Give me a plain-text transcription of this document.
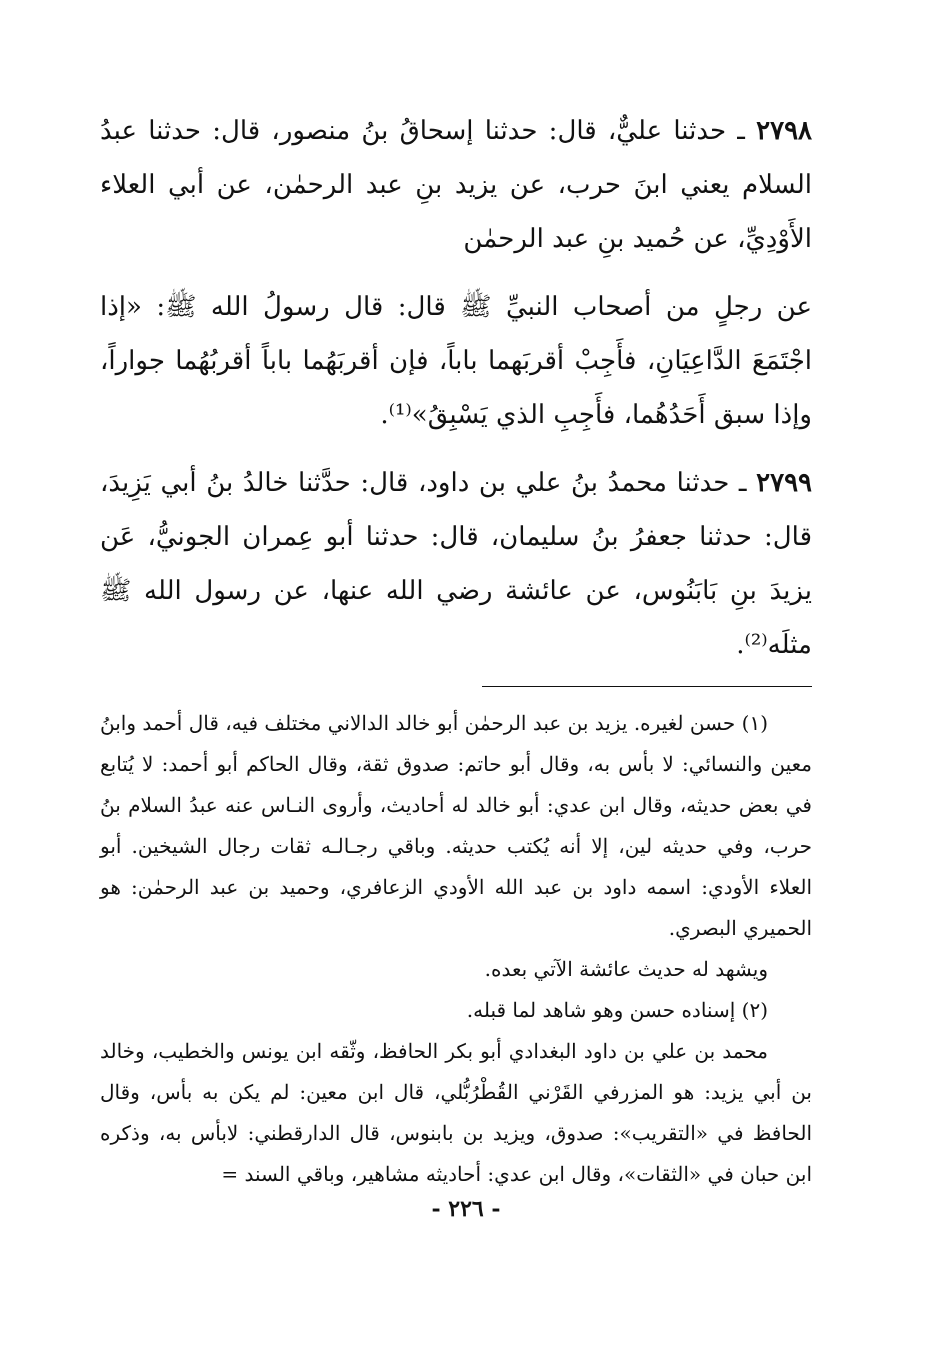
٢٧٩٨ ـ حدثنا عليٌّ، قال: حدثنا إسحاقُ بنُ منصور، قال: حدثنا عبدُ السلام يعني ابنَ حرب، عن يزيد بنِ عبد الرحمٰن، عن أبي العلاء الأَوْدِيِّ، عن حُميد بنِ عبد الرحمٰن

عن رجلٍ من أصحاب النبيِّ ﷺ قال: قال رسولُ الله ﷺ: «إذا اجْتَمَعَ الدَّاعِيَانِ، فأَجِبْ أقربَهما باباً، فإن أقربَهُما باباً أقربُهُما جواراً، وإذا سبق أَحَدُهُما، فأَجِبِ الذي يَسْبِقُ»⁽¹⁾.

٢٧٩٩ ـ حدثنا محمدُ بنُ علي بن داود، قال: حدَّثنا خالدُ بنُ أبي يَزِيدَ، قال: حدثنا جعفرُ بنُ سليمان، قال: حدثنا أبو عِمران الجونيُّ، عَن يزيدَ بنِ بَابَنُوس، عن عائشة رضي الله عنها، عن رسول الله ﷺ مثلَه⁽²⁾.

(١) حسن لغيره. يزيد بن عبد الرحمٰن أبو خالد الدالاني مختلف فيه، قال أحمد وابنُ معين والنسائي: لا بأس به، وقال أبو حاتم: صدوق ثقة، وقال الحاكم أبو أحمد: لا يُتابع في بعض حديثه، وقال ابن عدي: أبو خالد له أحاديث، وأروى النـاس عنه عبدُ السلام بنُ حرب، وفي حديثه لين، إلا أنه يُكتب حديثه. وباقي رجـالـه ثقات رجال الشيخين. أبو العلاء الأودي: اسمه داود بن عبد الله الأودي الزعافري، وحميد بن عبد الرحمٰن: هو الحميري البصري.

ويشهد له حديث عائشة الآتي بعده.

(٢) إسناده حسن وهو شاهد لما قبله.

محمد بن علي بن داود البغدادي أبو بكر الحافظ، وثّقه ابن يونس والخطيب، وخالد بن أبي يزيد: هو المزرفي القَرْني القُطْرُبُّلي، قال ابن معين: لم يكن به بأس، وقال الحافظ في «التقريب»: صدوق، ويزيد بن بابنوس، قال الدارقطني: لابأس به، وذكره ابن حبان في «الثقات»، وقال ابن عدي: أحاديثه مشاهير، وباقي السند =

- ٢٢٦ -
